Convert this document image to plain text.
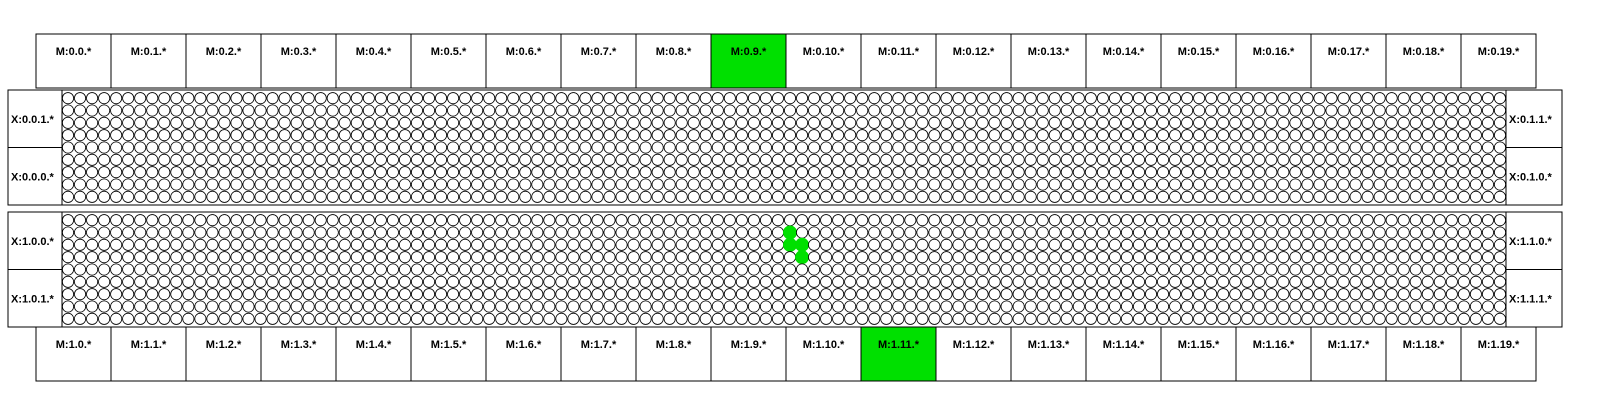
M:0.0.*	M:0.1.*	M:0.2.*	M:0.3.*	M:0.4.*	M:0.5.*	M:0.6.*	M:0.7.*	M:0.8.*	M:0.9.*	M:0.10.*	M:0.11.*	M:0.12.*	M:0.13.*	M:0.14.*	M:0.15.*	M:0.16.*	M:0.17.*	M:0.18.*	M:0.19.*
X:0.0.1.*	X:0.1.1.*
X:0.0.0.*	X:0.1.0.*
X:1.0.0.*	X:1.1.0.*
X:1.0.1.*	X:1.1.1.*
M:1.0.*	M:1.1.*	M:1.2.*	M:1.3.*	M:1.4.*	M:1.5.*	M:1.6.*	M:1.7.*	M:1.8.*	M:1.9.*	M:1.10.*	M:1.11.*	M:1.12.*	M:1.13.*	M:1.14.*	M:1.15.*	M:1.16.*	M:1.17.*	M:1.18.*	M:1.19.*
